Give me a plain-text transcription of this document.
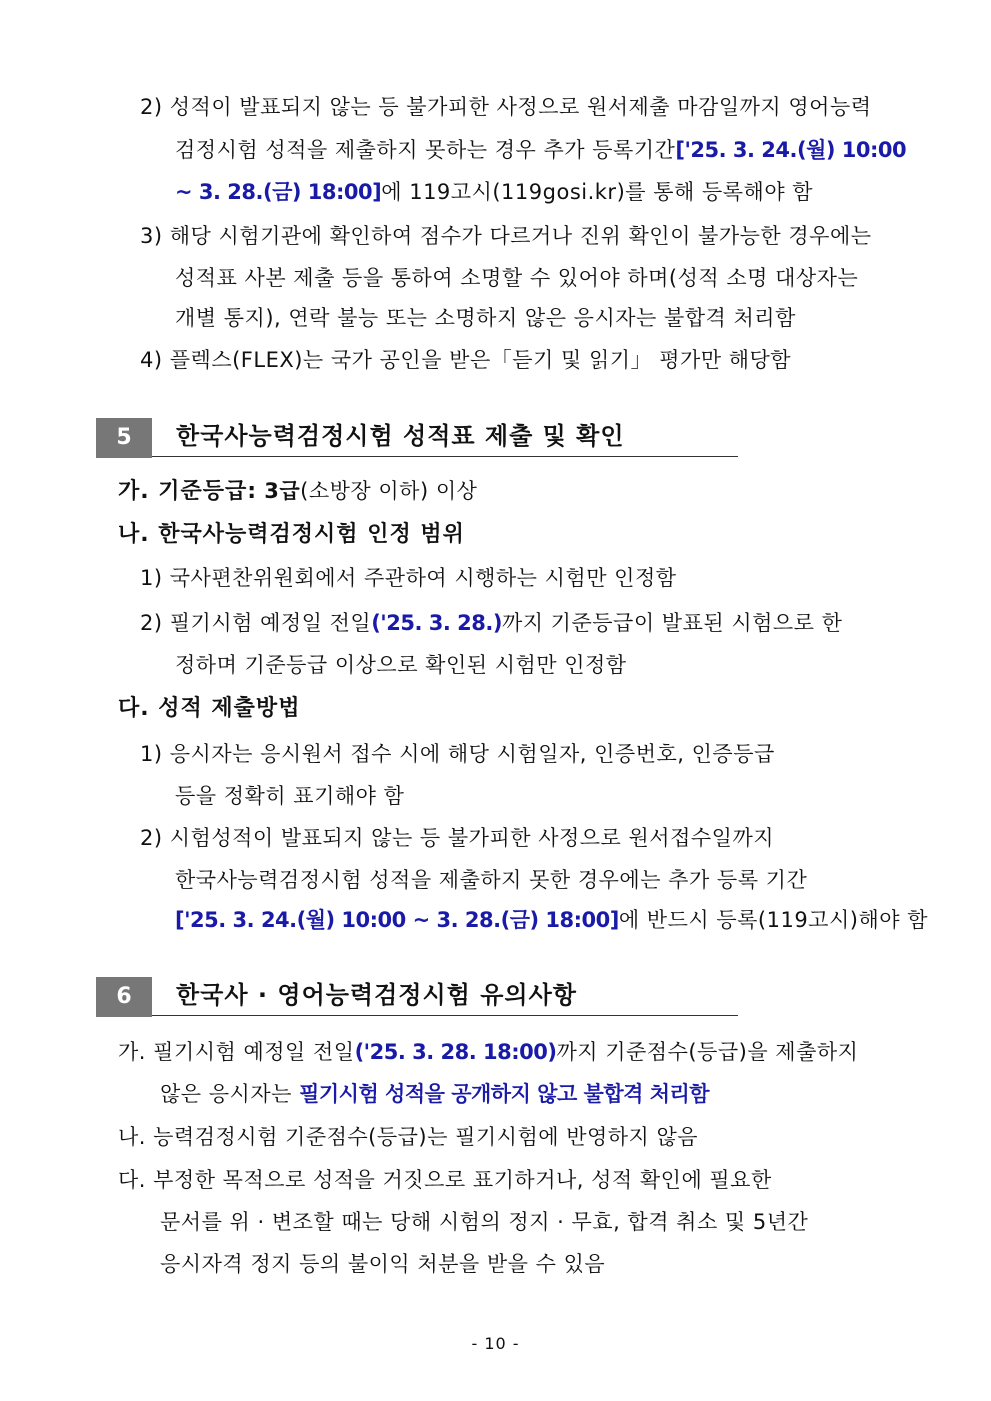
2) 성적이 발표되지 않는 등 불가피한 사정으로 원서제출 마감일까지 영어능력
검정시험 성적을 제출하지 못하는 경우 추가 등록기간['25. 3. 24.(월) 10:00
~ 3. 28.(금) 18:00]에 119고시(119gosi.kr)를 통해 등록해야 함
3) 해당 시험기관에 확인하여 점수가 다르거나 진위 확인이 불가능한 경우에는
성적표 사본 제출 등을 통하여 소명할 수 있어야 하며(성적 소명 대상자는
개별 통지), 연락 불능 또는 소명하지 않은 응시자는 불합격 처리함
4) 플렉스(FLEX)는 국가 공인을 받은「듣기 및 읽기」 평가만 해당함
5	한국사능력검정시험 성적표 제출 및 확인
가. 기준등급: 3급(소방장 이하) 이상
나. 한국사능력검정시험 인정 범위
1) 국사편찬위원회에서 주관하여 시행하는 시험만 인정함
2) 필기시험 예정일 전일('25. 3. 28.)까지 기준등급이 발표된 시험으로 한
정하며 기준등급 이상으로 확인된 시험만 인정함
다. 성적 제출방법
1) 응시자는 응시원서 접수 시에 해당 시험일자, 인증번호, 인증등급
등을 정확히 표기해야 함
2) 시험성적이 발표되지 않는 등 불가피한 사정으로 원서접수일까지
한국사능력검정시험 성적을 제출하지 못한 경우에는 추가 등록 기간
['25. 3. 24.(월) 10:00 ~ 3. 28.(금) 18:00]에 반드시 등록(119고시)해야 함
6	한국사 · 영어능력검정시험 유의사항
가. 필기시험 예정일 전일('25. 3. 28. 18:00)까지 기준점수(등급)을 제출하지
않은 응시자는 필기시험 성적을 공개하지 않고 불합격 처리함
나. 능력검정시험 기준점수(등급)는 필기시험에 반영하지 않음
다. 부정한 목적으로 성적을 거짓으로 표기하거나, 성적 확인에 필요한
문서를 위 · 변조할 때는 당해 시험의 정지 · 무효, 합격 취소 및 5년간
응시자격 정지 등의 불이익 처분을 받을 수 있음
- 10 -
